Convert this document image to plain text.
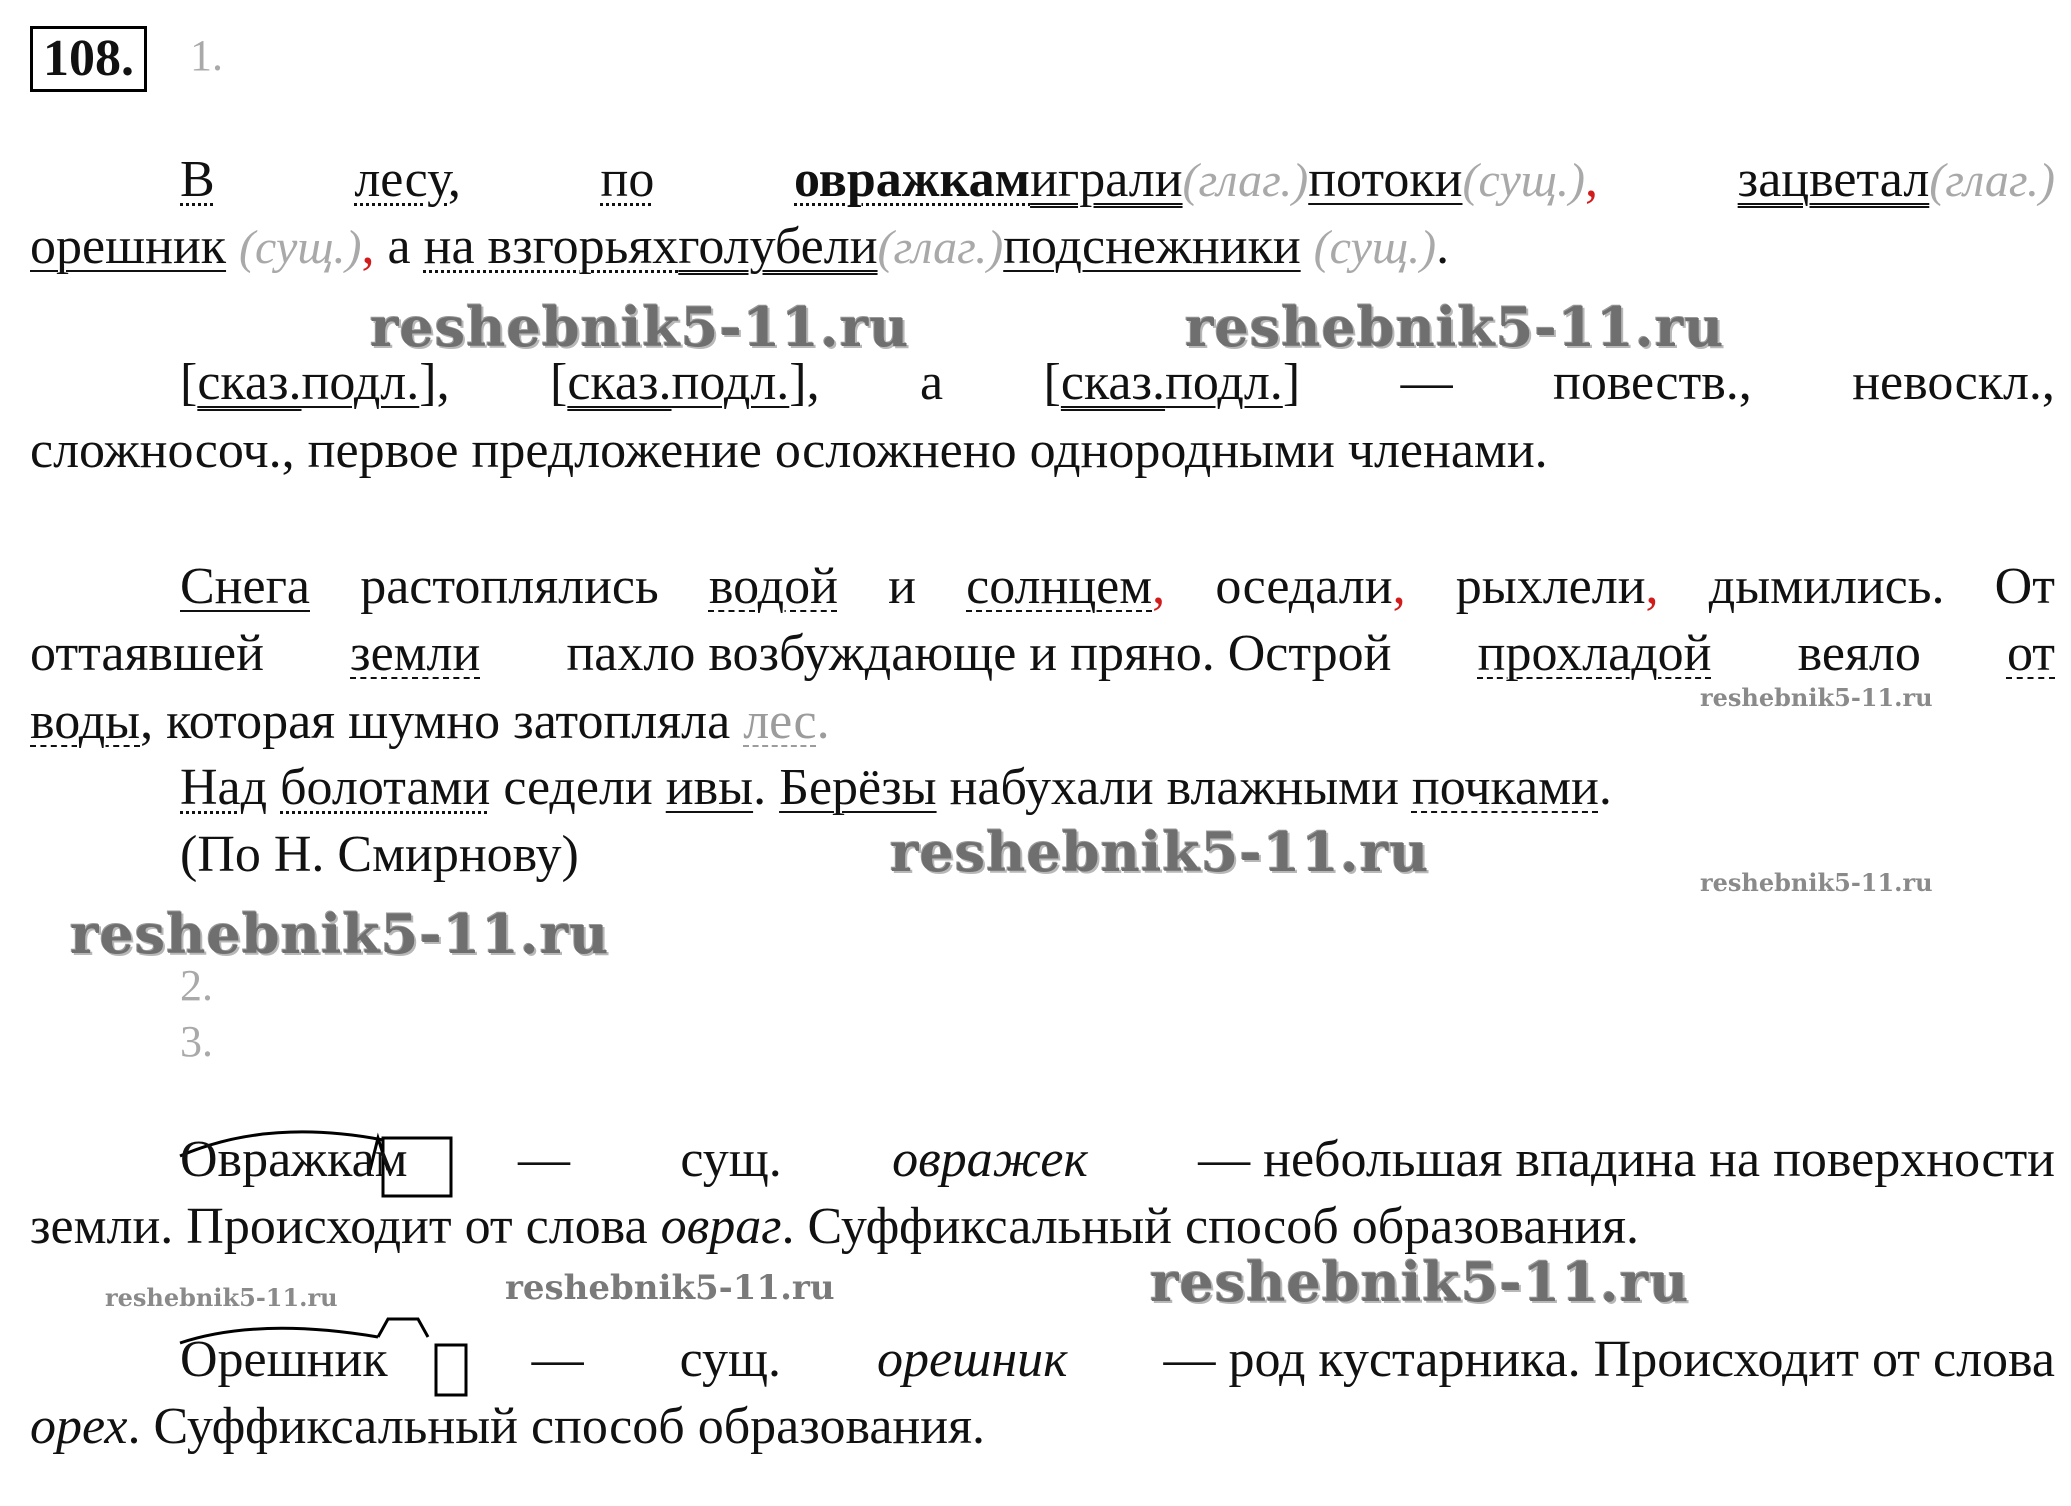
108. 1.
В	лесу,	по	овражкамиграли(глаг.)потоки(сущ.),	зацветал(глаг.)
орешник (сущ.), а на взгорьяхголубели(глаг.)подснежники (сущ.).
reshebnik5-11.ru	reshebnik5-11.ru
[сказ.подл.], [сказ.подл.], а [сказ.подл.] — повеств., невоскл.,
сложносоч., первое предложение осложнено однородными членами.
Снега растоплялись водой и солнцем, оседали, рыхлели, дымились. От
оттаявшей земли пахло возбуждающе и пряно. Острой прохладой веяло от
воды, которая шумно затопляла лес.	reshebnik5-11.ru
Над болотами седели ивы. Берёзы набухали влажными почками.
(По Н. Смирнову)	reshebnik5-11.ru	reshebnik5-11.ru
reshebnik5-11.ru
2.
3.
Овражкам — сущ. овражек — небольшая впадина на поверхности
земли. Происходит от слова овраг. Суффиксальный способ образования.
reshebnik5-11.ru	reshebnik5-11.ru	reshebnik5-11.ru
Орешник	— сущ. орешник — род кустарника. Происходит от слова
орех. Суффиксальный способ образования.
